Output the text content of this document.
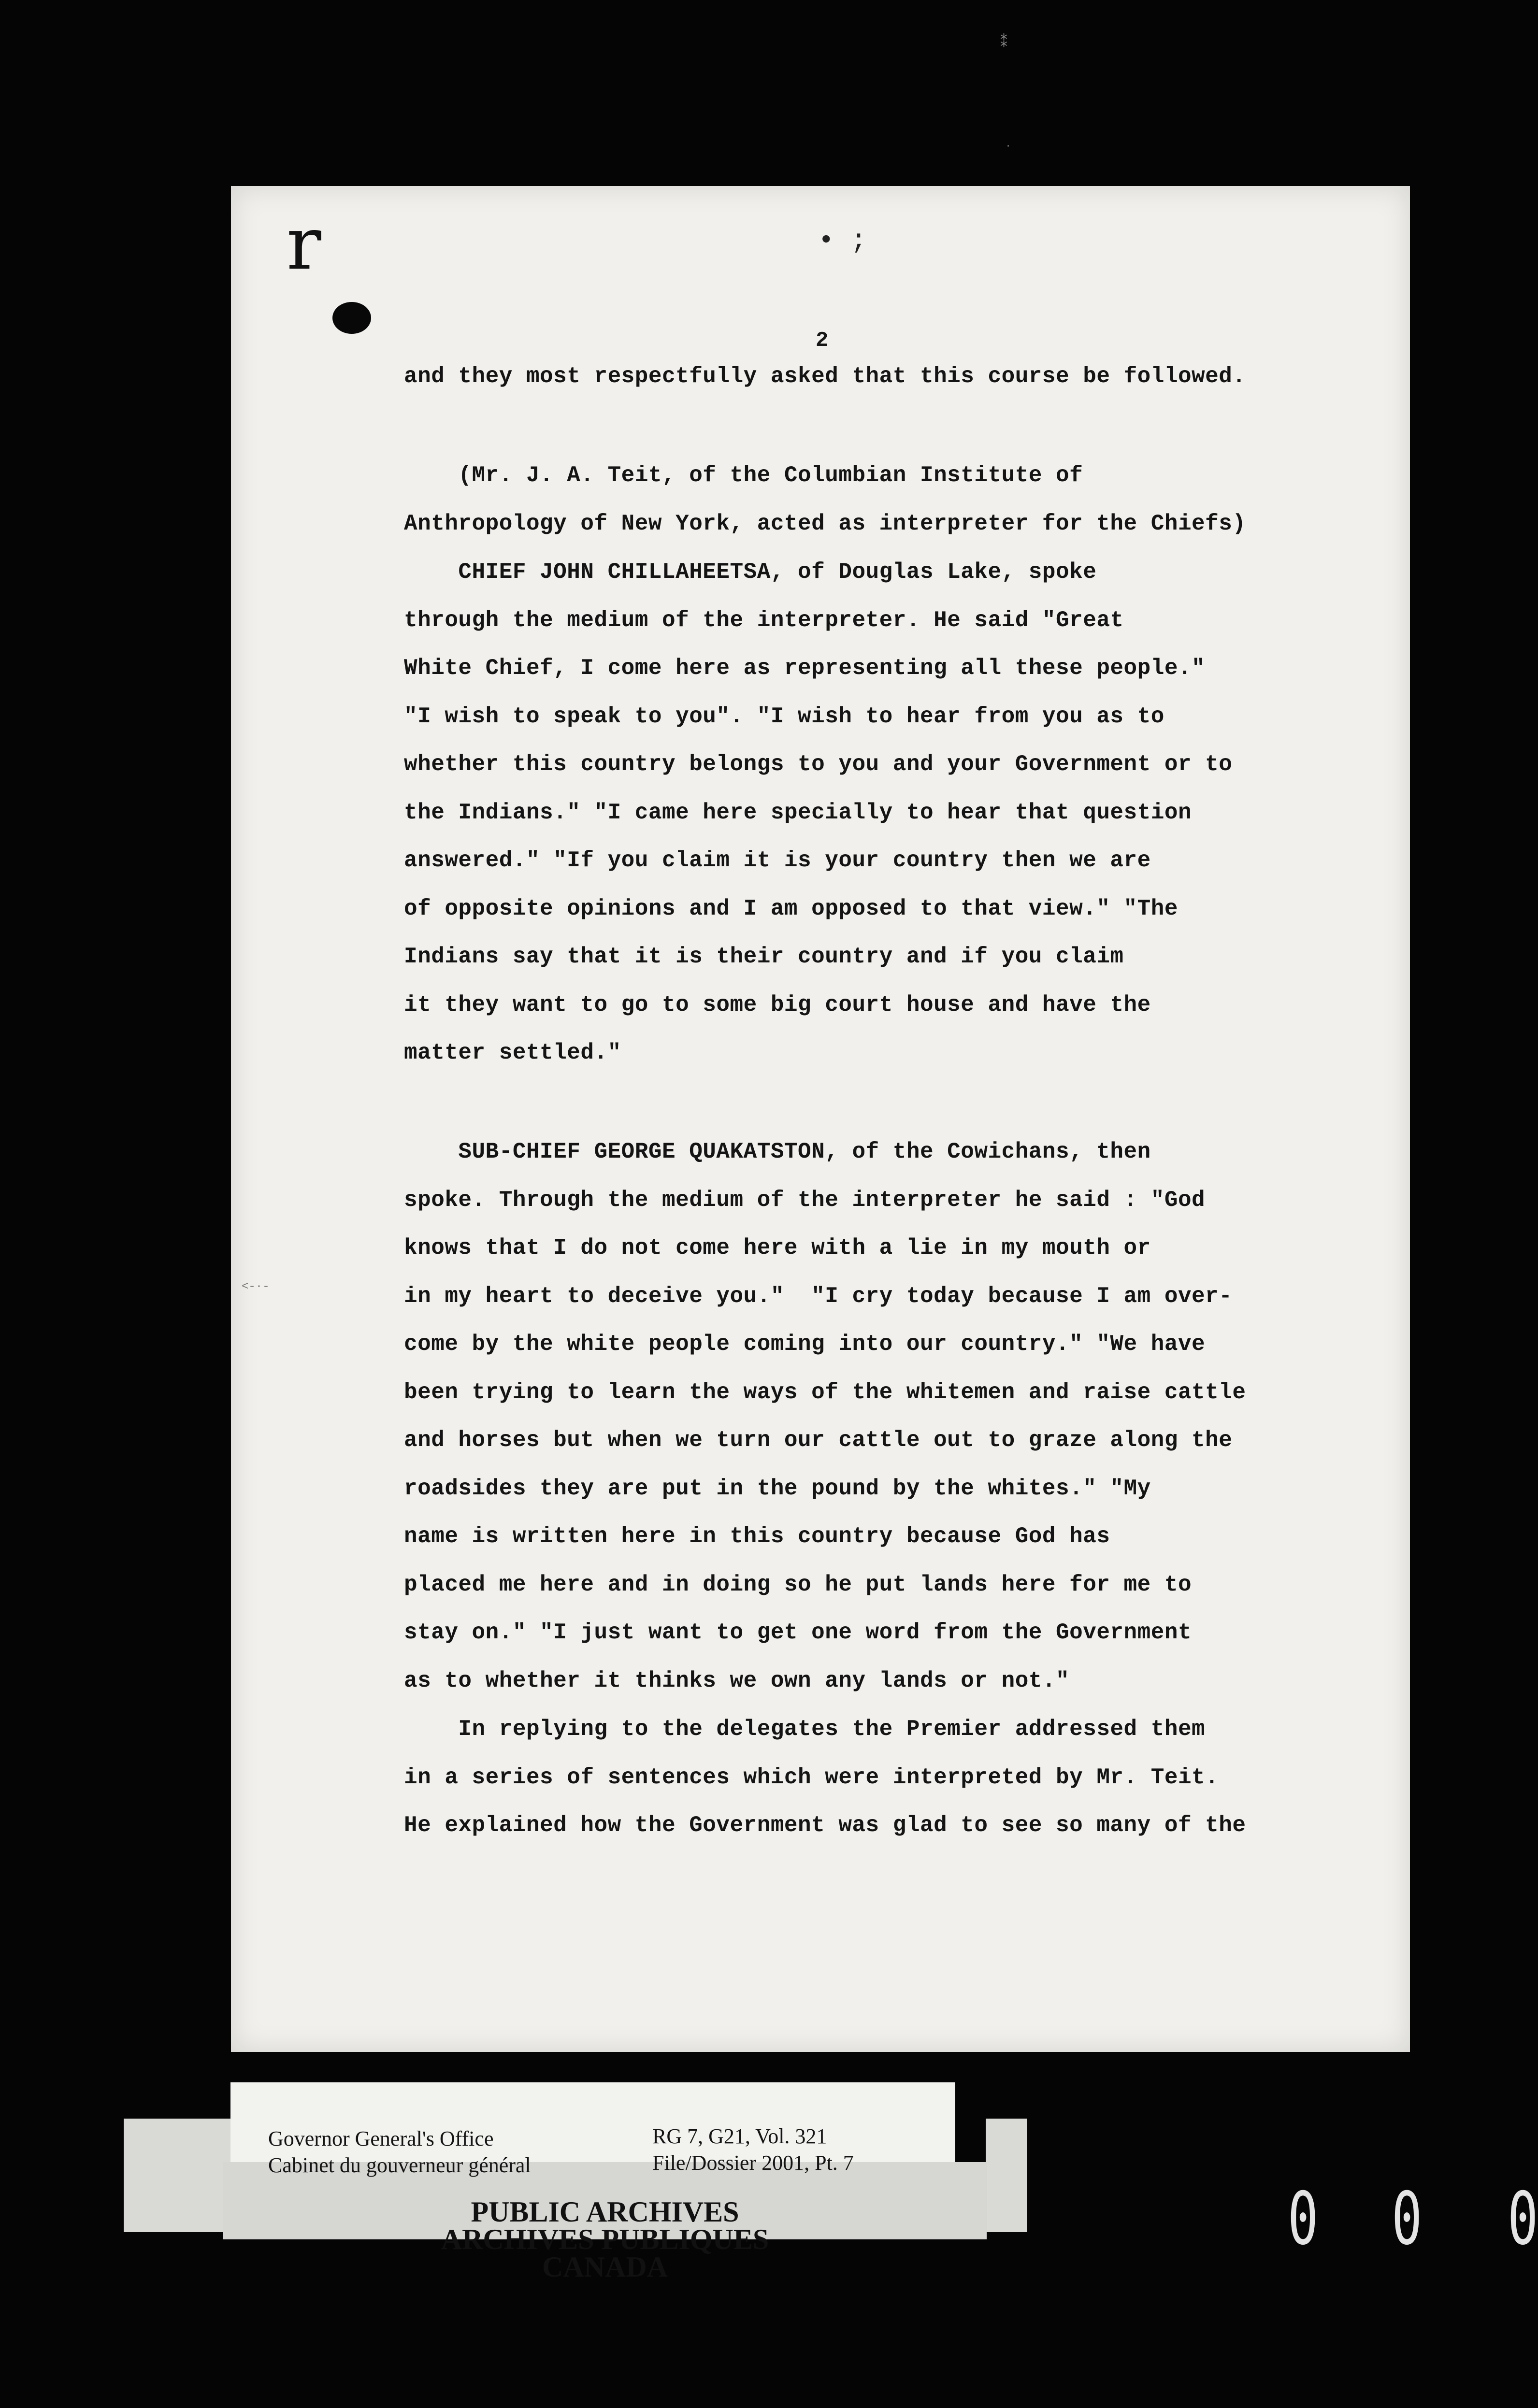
r	• ;
2
and they most respectfully asked that this course be followed.
(Mr. J. A. Teit, of the Columbian Institute of
Anthropology of New York, acted as interpreter for the Chiefs)
CHIEF JOHN CHILLAHEETSA, of Douglas Lake, spoke
through the medium of the interpreter. He said "Great
White Chief, I come here as representing all these people."
"I wish to speak to you". "I wish to hear from you as to
whether this country belongs to you and your Government or to
the Indians." "I came here specially to hear that question
answered." "If you claim it is your country then we are
of opposite opinions and I am opposed to that view." "The
Indians say that it is their country and if you claim
it they want to go to some big court house and have the
matter settled."
SUB-CHIEF GEORGE QUAKATSTON, of the Cowichans, then
spoke. Through the medium of the interpreter he said : "God
knows that I do not come here with a lie in my mouth or
in my heart to deceive you."  "I cry today because I am over-
come by the white people coming into our country." "We have
been trying to learn the ways of the whitemen and raise cattle
and horses but when we turn our cattle out to graze along the
roadsides they are put in the pound by the whites." "My
name is written here in this country because God has
placed me here and in doing so he put lands here for me to
stay on." "I just want to get one word from the Government
as to whether it thinks we own any lands or not."
In replying to the delegates the Premier addressed them
in a series of sentences which were interpreted by Mr. Teit.
He explained how the Government was glad to see so many of the
<-·-
⁑
·
Governor General's Office
Cabinet du gouverneur général
RG 7, G21, Vol. 321
File/Dossier 2001, Pt. 7
PUBLIC ARCHIVES
ARCHIVES PUBLIQUES
CANADA
0 0 0
